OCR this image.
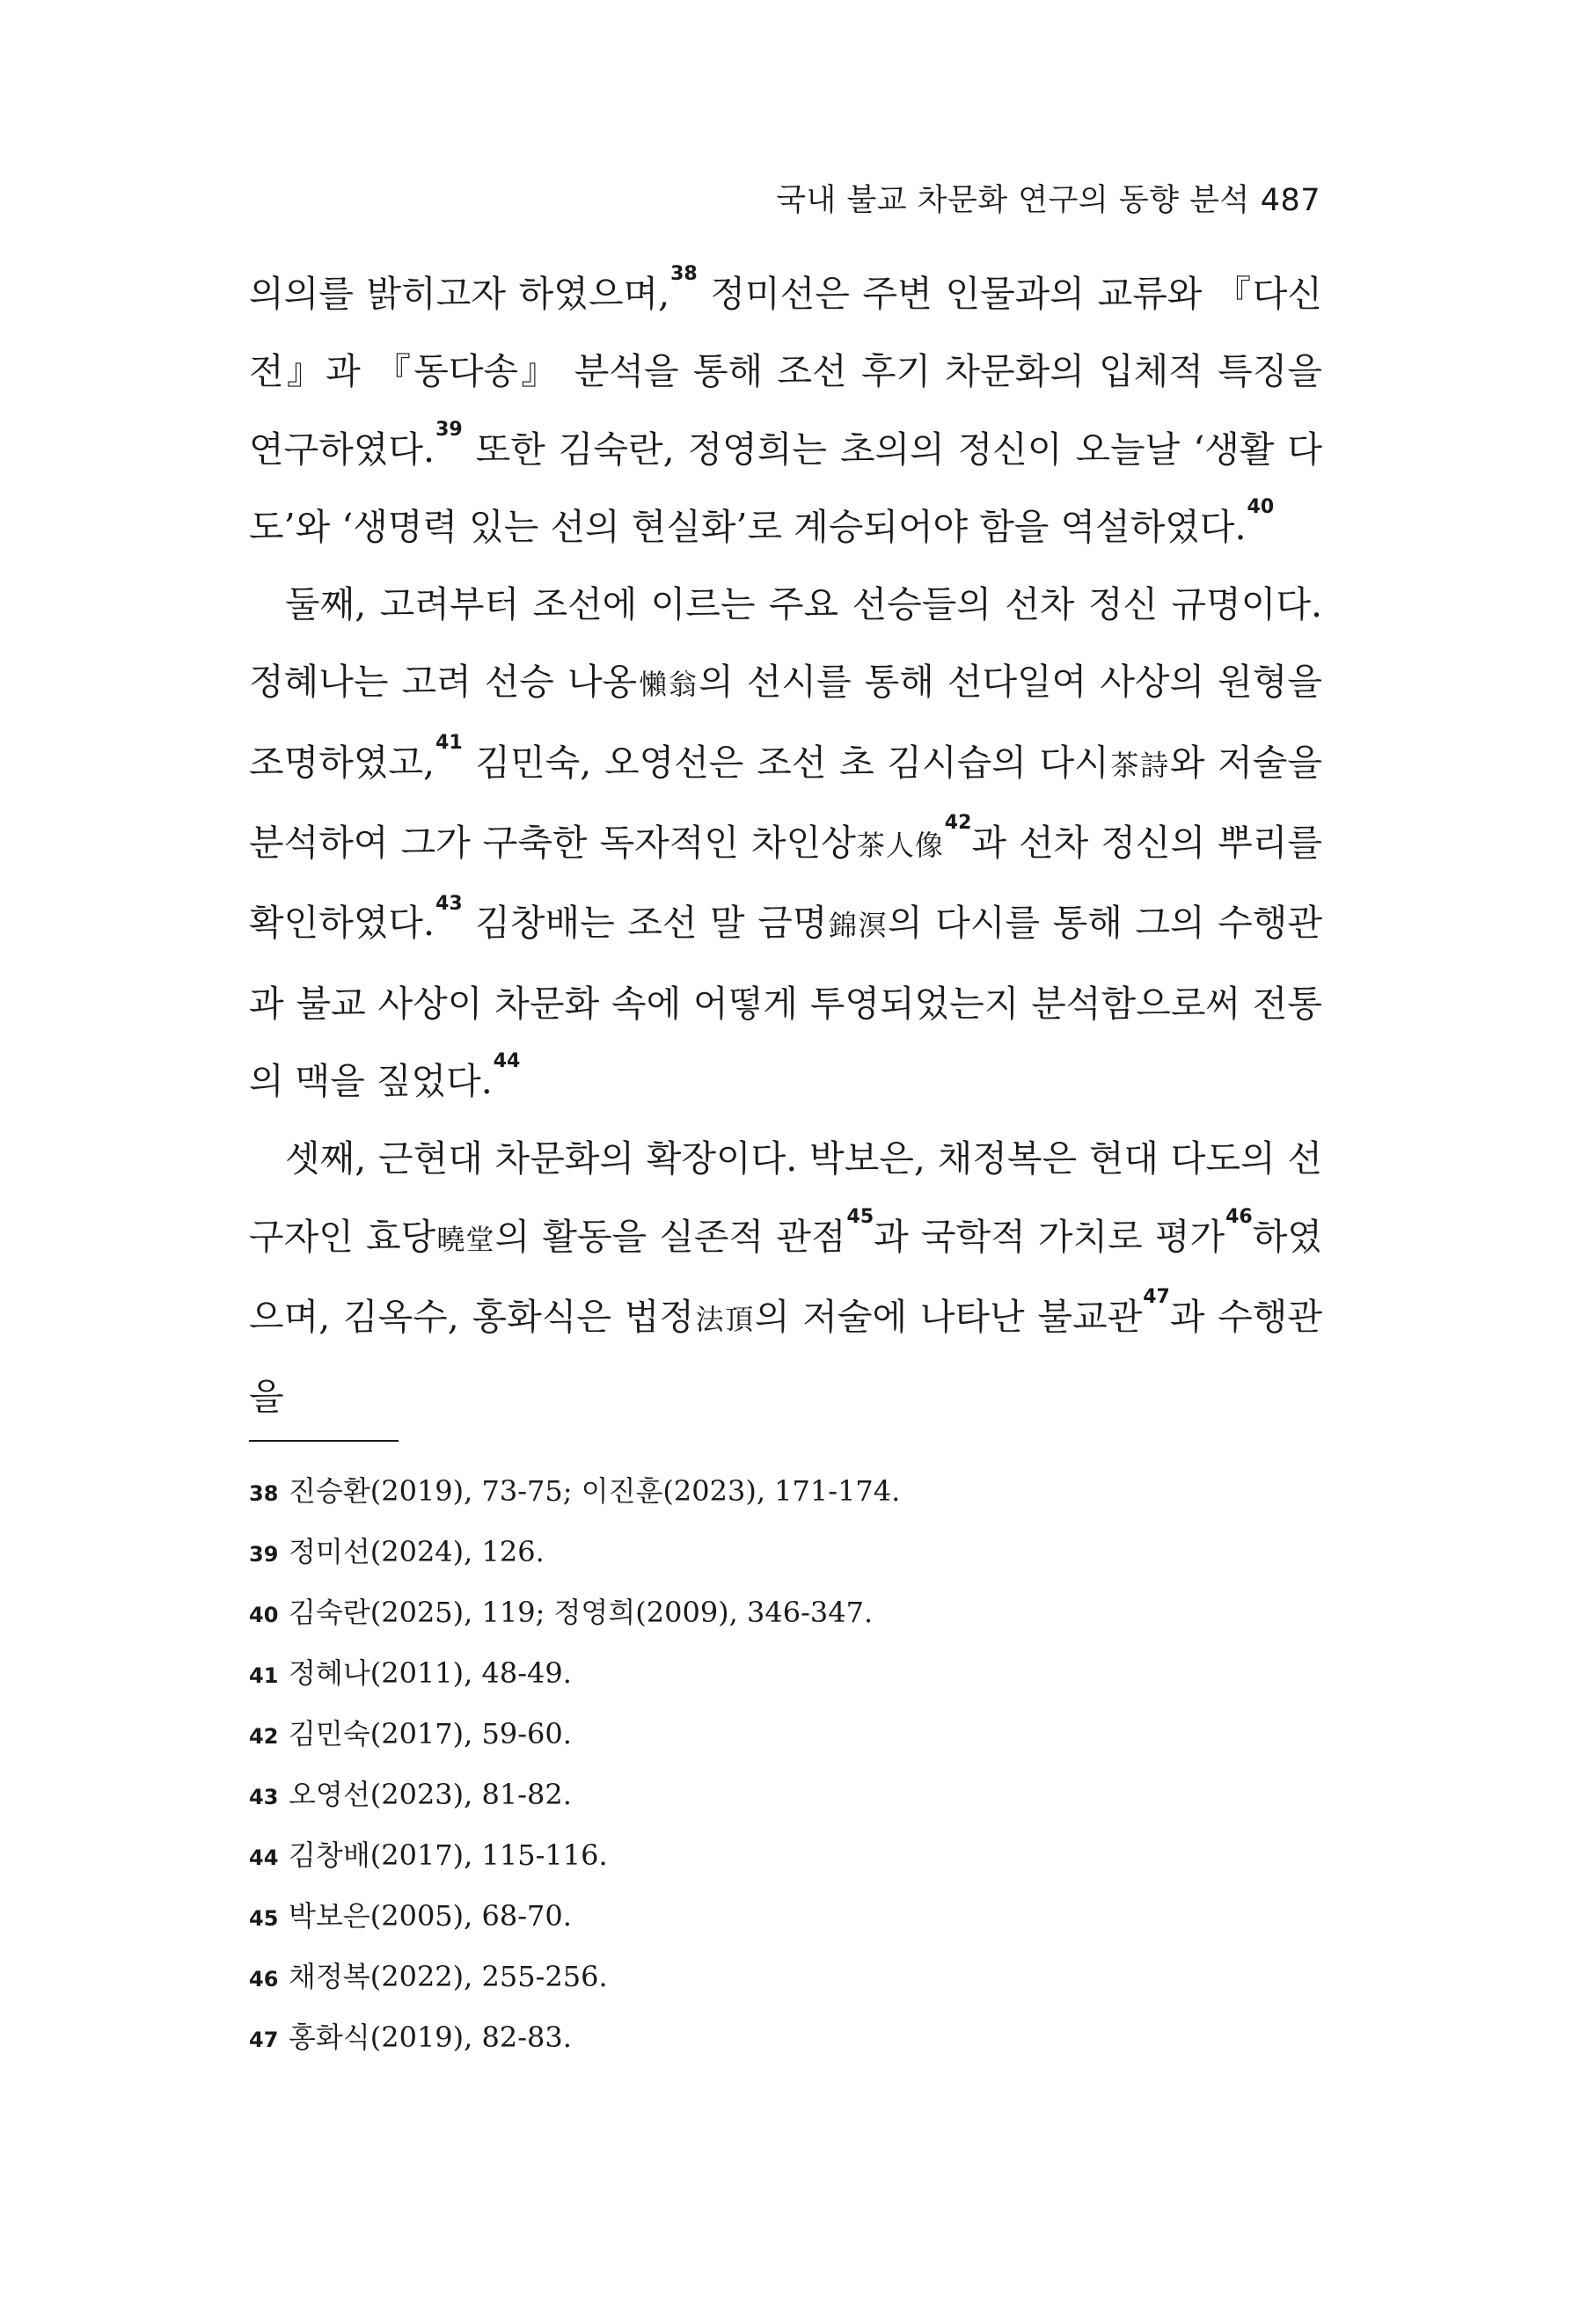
국내 불교 차문화 연구의 동향 분석 487

의의를 밝히고자 하였으며,$^{38}$ 정미선은 주변 인물과의 교류와 『다신전』과 『동다송』 분석을 통해 조선 후기 차문화의 입체적 특징을 연구하였다.$^{39}$ 또한 김숙란, 정영희는 초의의 정신이 오늘날 ‘생활 다도’와 ‘생명력 있는 선의 현실화’로 계승되어야 함을 역설하였다.$^{40}$

둘째, 고려부터 조선에 이르는 주요 선승들의 선차 정신 규명이다. 정혜나는 고려 선승 나옹懶翁의 선시를 통해 선다일여 사상의 원형을 조명하였고,$^{41}$ 김민숙, 오영선은 조선 초 김시습의 다시茶詩와 저술을 분석하여 그가 구축한 독자적인 차인상茶人像$^{42}$과 선차 정신의 뿌리를 확인하였다.$^{43}$ 김창배는 조선 말 금명錦溟의 다시를 통해 그의 수행관과 불교 사상이 차문화 속에 어떻게 투영되었는지 분석함으로써 전통의 맥을 짚었다.$^{44}$

셋째, 근현대 차문화의 확장이다. 박보은, 채정복은 현대 다도의 선구자인 효당曉堂의 활동을 실존적 관점$^{45}$과 국학적 가치로 평가$^{46}$하였으며, 김옥수, 홍화식은 법정法頂의 저술에 나타난 불교관$^{47}$과 수행관을

38 진승환(2019), 73-75; 이진훈(2023), 171-174.
39 정미선(2024), 126.
40 김숙란(2025), 119; 정영희(2009), 346-347.
41 정혜나(2011), 48-49.
42 김민숙(2017), 59-60.
43 오영선(2023), 81-82.
44 김창배(2017), 115-116.
45 박보은(2005), 68-70.
46 채정복(2022), 255-256.
47 홍화식(2019), 82-83.
